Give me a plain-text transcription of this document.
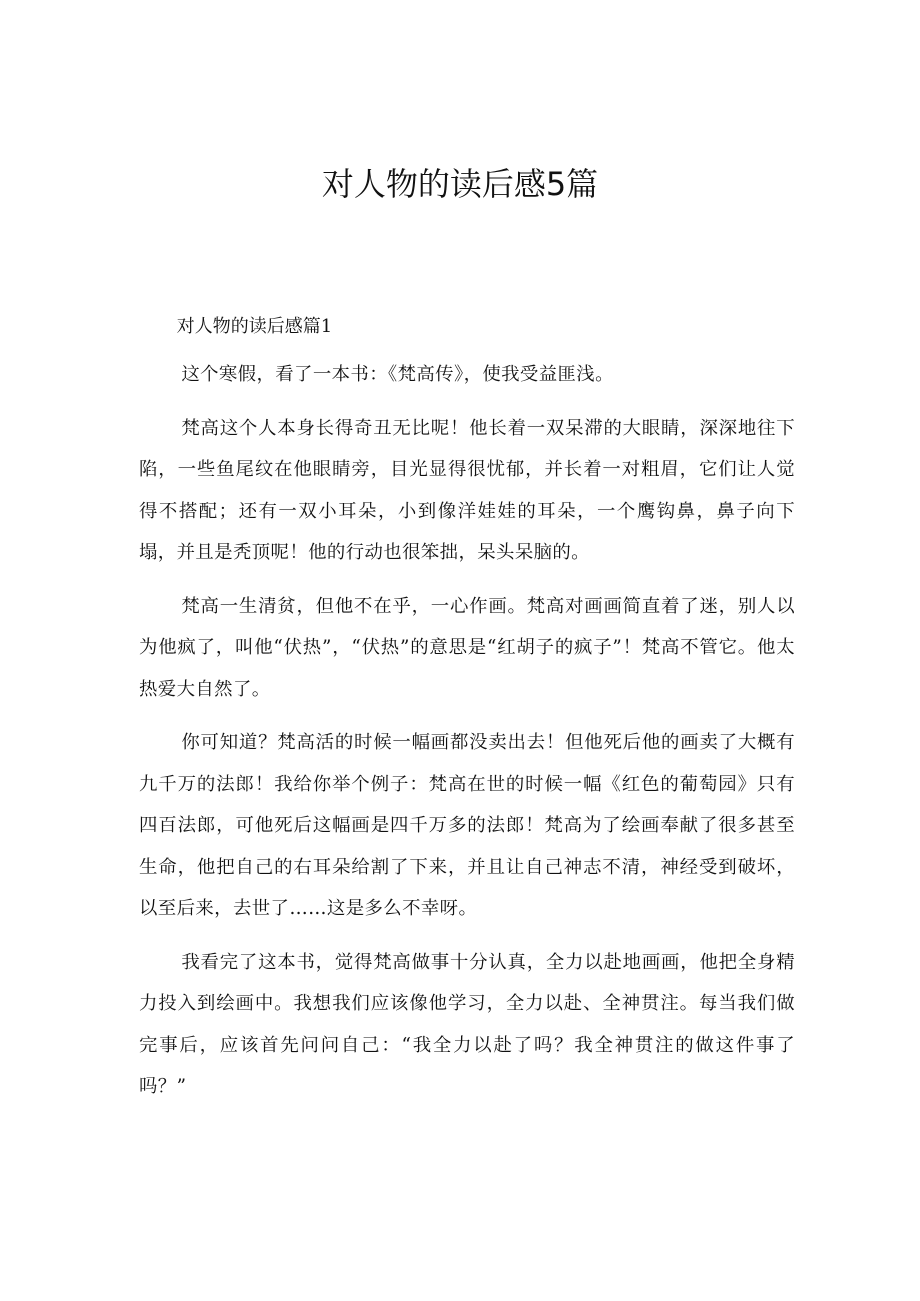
对人物的读后感5篇

对人物的读后感篇1

这个寒假，看了一本书：《梵高传》，使我受益匪浅。

梵高这个人本身长得奇丑无比呢！他长着一双呆滞的大眼睛，深深地往下陷，一些鱼尾纹在他眼睛旁，目光显得很忧郁，并长着一对粗眉，它们让人觉得不搭配；还有一双小耳朵，小到像洋娃娃的耳朵，一个鹰钩鼻，鼻子向下塌，并且是秃顶呢！他的行动也很笨拙，呆头呆脑的。

梵高一生清贫，但他不在乎，一心作画。梵高对画画简直着了迷，别人以为他疯了，叫他“伏热”，“伏热”的意思是“红胡子的疯子”！梵高不管它。他太热爱大自然了。

你可知道？梵高活的时候一幅画都没卖出去！但他死后他的画卖了大概有九千万的法郎！我给你举个例子：梵高在世的时候一幅《红色的葡萄园》只有四百法郎，可他死后这幅画是四千万多的法郎！梵高为了绘画奉献了很多甚至生命，他把自己的右耳朵给割了下来，并且让自己神志不清，神经受到破坏，以至后来，去世了……这是多么不幸呀。

我看完了这本书，觉得梵高做事十分认真，全力以赴地画画，他把全身精力投入到绘画中。我想我们应该像他学习，全力以赴、全神贯注。每当我们做完事后，应该首先问问自己：“我全力以赴了吗？我全神贯注的做这件事了吗？”
